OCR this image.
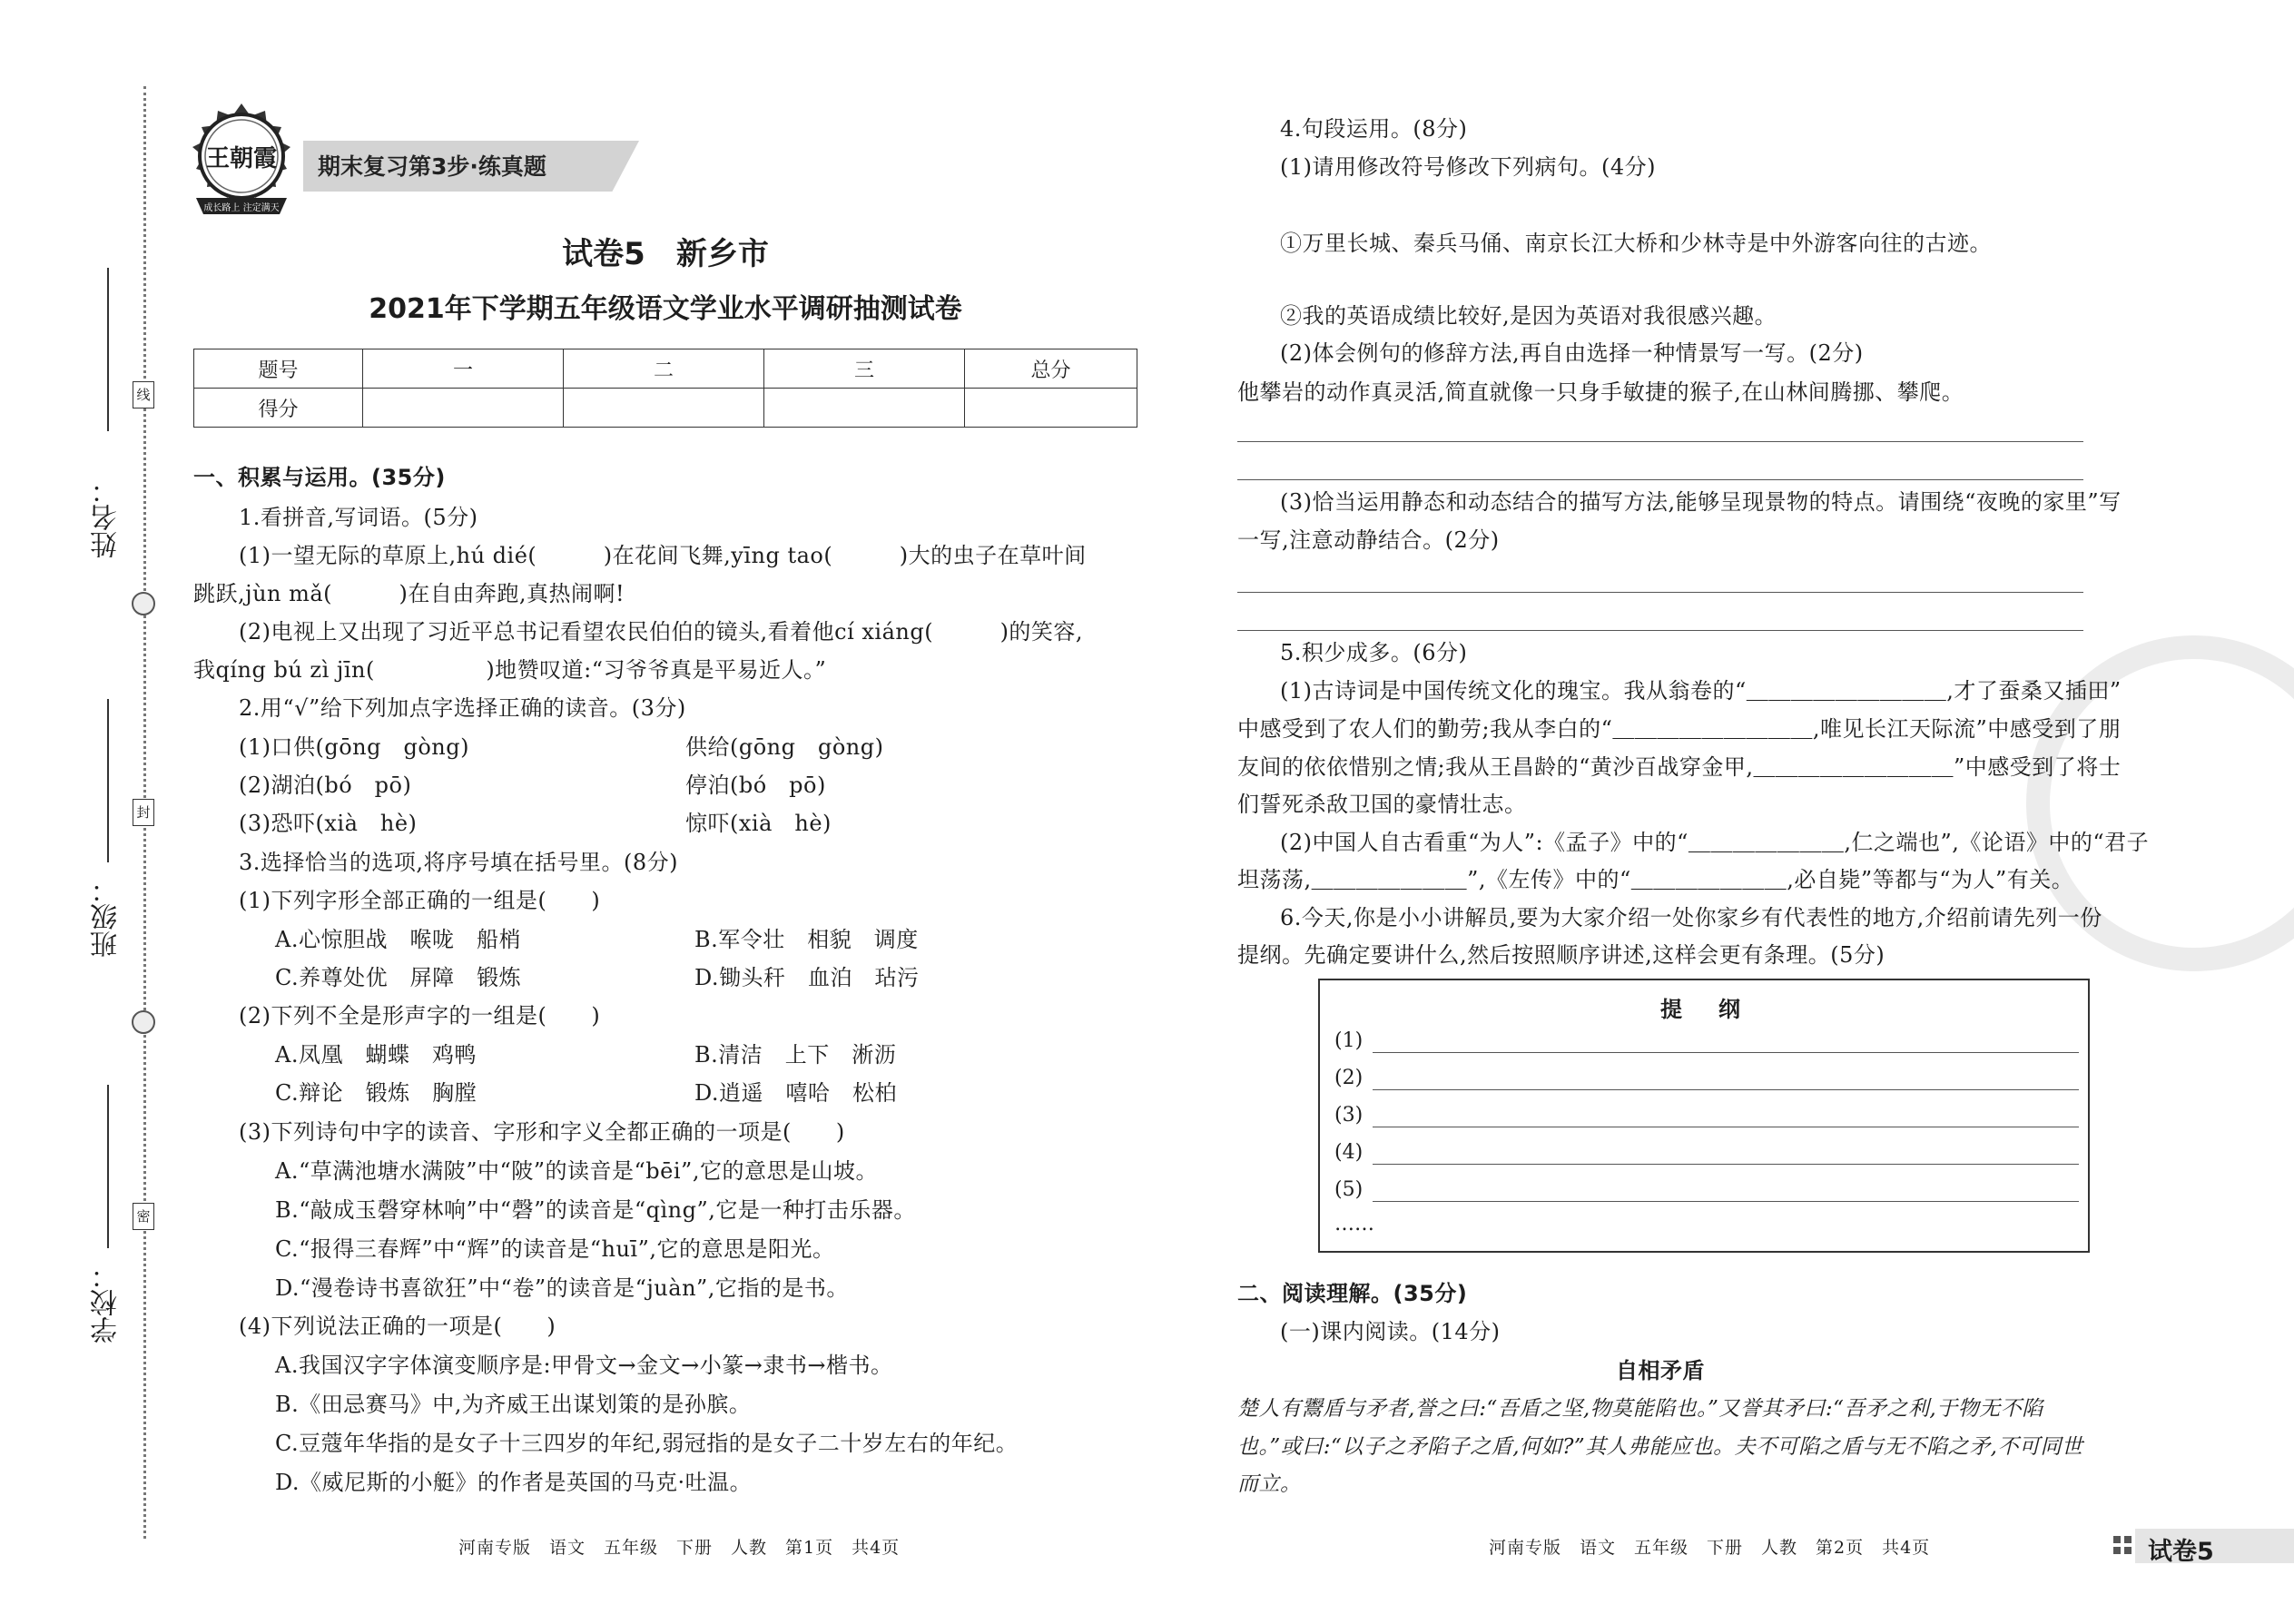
姓名：
班级：
学校：
线
封
密
王朝霞
成长路上 注定满天
期末复习第3步·练真题
试卷5　新乡市
2021年下学期五年级语文学业水平调研抽测试卷
题号	一	二	三	总分
得分				
一、积累与运用。(35分)
1.看拼音,写词语。(5分)
(1)一望无际的草原上,hú dié(　　　)在花间飞舞,yīng tao(　　　)大的虫子在草叶间
跳跃,jùn mǎ(　　　)在自由奔跑,真热闹啊!
(2)电视上又出现了习近平总书记看望农民伯伯的镜头,看着他cí xiáng(　　　)的笑容,
我qíng bú zì jīn(　　　　　)地赞叹道:“习爷爷真是平易近人。”
2.用“√”给下列加点字选择正确的读音。(3分)
(1)口供(gōng　gòng)	供给(gōng　gòng)
(2)湖泊(bó　pō)	停泊(bó　pō)
(3)恐吓(xià　hè)	惊吓(xià　hè)
3.选择恰当的选项,将序号填在括号里。(8分)
(1)下列字形全部正确的一组是(　　)
A.心惊胆战　喉咙　船梢	B.军令壮　相貌　调度
C.养尊处优　屏障　锻炼	D.锄头秆　血泊　玷污
(2)下列不全是形声字的一组是(　　)
A.凤凰　蝴蝶　鸡鸭	B.清洁　上下　淅沥
C.辩论　锻炼　胸膛	D.逍遥　嘻哈　松柏
(3)下列诗句中字的读音、字形和字义全都正确的一项是(　　)
A.“草满池塘水满陂”中“陂”的读音是“bēi”,它的意思是山坡。
B.“敲成玉磬穿林响”中“磬”的读音是“qìng”,它是一种打击乐器。
C.“报得三春辉”中“辉”的读音是“huī”,它的意思是阳光。
D.“漫卷诗书喜欲狂”中“卷”的读音是“juàn”,它指的是书。
(4)下列说法正确的一项是(　　)
A.我国汉字字体演变顺序是:甲骨文→金文→小篆→隶书→楷书。
B.《田忌赛马》中,为齐威王出谋划策的是孙膑。
C.豆蔻年华指的是女子十三四岁的年纪,弱冠指的是女子二十岁左右的年纪。
D.《威尼斯的小艇》的作者是英国的马克·吐温。
河南专版　语文　五年级　下册　人教　第1页　共4页
4.句段运用。(8分)
(1)请用修改符号修改下列病句。(4分)
①万里长城、秦兵马俑、南京长江大桥和少林寺是中外游客向往的古迹。
②我的英语成绩比较好,是因为英语对我很感兴趣。
(2)体会例句的修辞方法,再自由选择一种情景写一写。(2分)
他攀岩的动作真灵活,简直就像一只身手敏捷的猴子,在山林间腾挪、攀爬。
(3)恰当运用静态和动态结合的描写方法,能够呈现景物的特点。请围绕“夜晚的家里”写
一写,注意动静结合。(2分)
5.积少成多。(6分)
(1)古诗词是中国传统文化的瑰宝。我从翁卷的“＿＿＿＿＿＿＿＿＿,才了蚕桑又插田”
中感受到了农人们的勤劳;我从李白的“＿＿＿＿＿＿＿＿＿,唯见长江天际流”中感受到了朋
友间的依依惜别之情;我从王昌龄的“黄沙百战穿金甲,＿＿＿＿＿＿＿＿＿”中感受到了将士
们誓死杀敌卫国的豪情壮志。
(2)中国人自古看重“为人”:《孟子》中的“＿＿＿＿＿＿＿,仁之端也”,《论语》中的“君子
坦荡荡,＿＿＿＿＿＿＿”,《左传》中的“＿＿＿＿＿＿＿,必自毙”等都与“为人”有关。
6.今天,你是小小讲解员,要为大家介绍一处你家乡有代表性的地方,介绍前请先列一份
提纲。先确定要讲什么,然后按照顺序讲述,这样会更有条理。(5分)
提　纲
(1)
(2)
(3)
(4)
(5)
……
二、阅读理解。(35分)
(一)课内阅读。(14分)
自相矛盾
楚人有鬻盾与矛者,誉之曰:“吾盾之坚,物莫能陷也。”又誉其矛曰:“吾矛之利,于物无不陷
也。”或曰:“以子之矛陷子之盾,何如?”其人弗能应也。夫不可陷之盾与无不陷之矛,不可同世
而立。
河南专版　语文　五年级　下册　人教　第2页　共4页	试卷5
